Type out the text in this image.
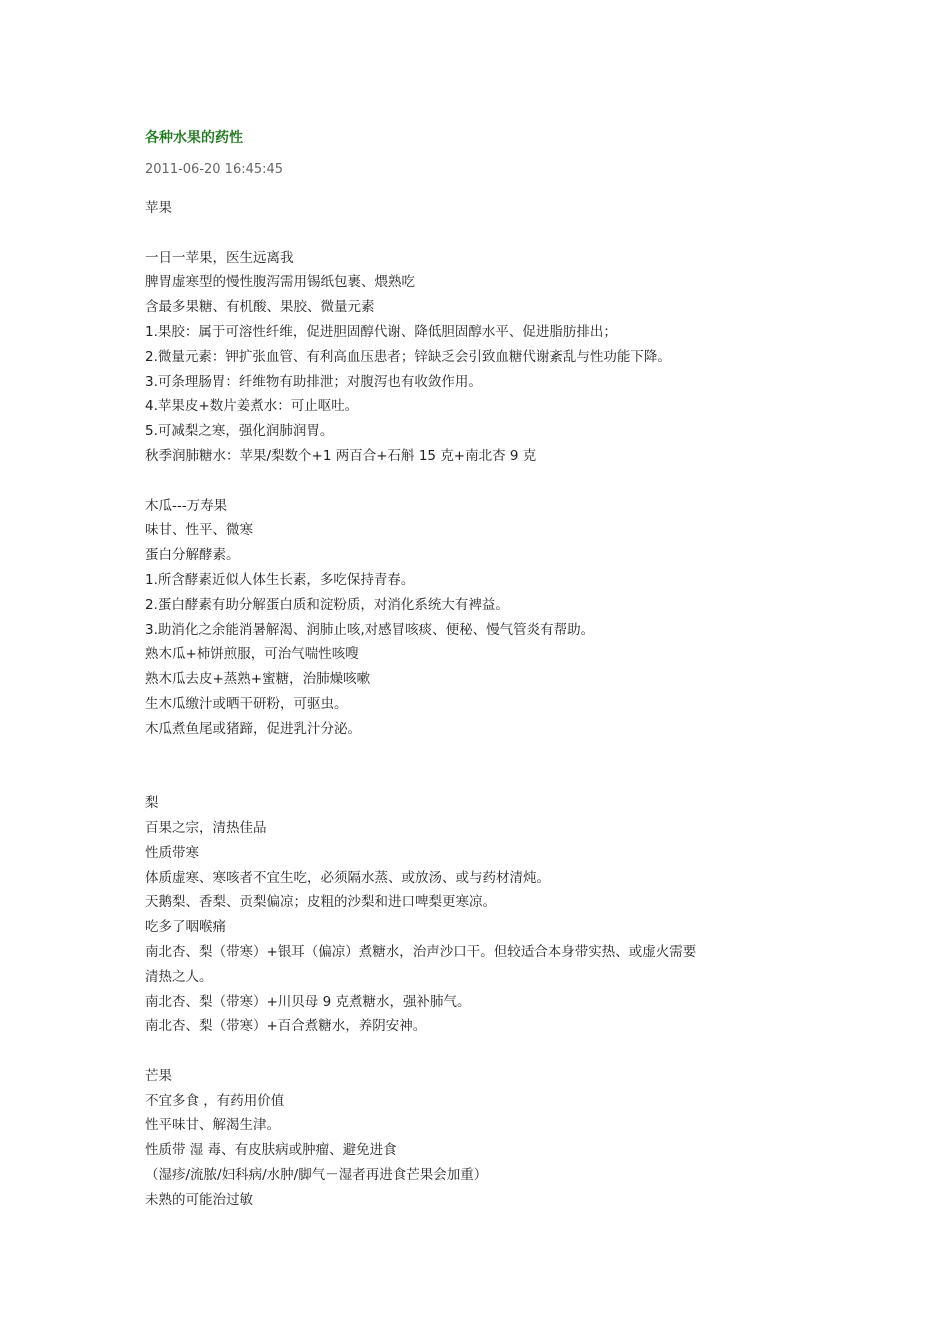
各种水果的药性
2011-06-20 16:45:45
苹果
一日一苹果，医生远离我
脾胃虚寒型的慢性腹泻需用锡纸包裹、煨熟吃
含最多果糖、有机酸、果胶、微量元素
1.果胶：属于可溶性纤维，促进胆固醇代谢、降低胆固醇水平、促进脂肪排出；
2.微量元素：钾扩张血管、有利高血压患者；锌缺乏会引致血糖代谢紊乱与性功能下降。
3.可条理肠胃：纤维物有助排泄；对腹泻也有收敛作用。
4.苹果皮+数片姜煮水：可止呕吐。
5.可减梨之寒，强化润肺润胃。
秋季润肺糖水：苹果/梨数个+1 两百合+石斛 15 克+南北杏 9 克
木瓜---万寿果
味甘、性平、微寒
蛋白分解酵素。
1.所含酵素近似人体生长素，多吃保持青春。
2.蛋白酵素有助分解蛋白质和淀粉质，对消化系统大有裨益。
3.助消化之余能消暑解渴、润肺止咳,对感冒咳痰、便秘、慢气管炎有帮助。
熟木瓜+柿饼煎服，可治气喘性咳嗖
熟木瓜去皮+蒸熟+蜜糖，治肺燥咳嗽
生木瓜缴汁或晒干研粉，可驱虫。
木瓜煮鱼尾或猪蹄，促进乳汁分泌。
梨
百果之宗，清热佳品
性质带寒
体质虚寒、寒咳者不宜生吃，必须隔水蒸、或放汤、或与药材清炖。
天鹅梨、香梨、贡梨偏凉；皮粗的沙梨和进口啤梨更寒凉。
吃多了咽喉痛
南北杏、梨（带寒）+银耳（偏凉）煮糖水，治声沙口干。但较适合本身带实热、或虚火需要
清热之人。
南北杏、梨（带寒）+川贝母 9 克煮糖水，强补肺气。
南北杏、梨（带寒）+百合煮糖水，养阴安神。
芒果
不宜多食 ，有药用价值
性平味甘、解渴生津。
性质带 湿 毒、有皮肤病或肿瘤、避免进食
（湿疹/流脓/妇科病/水肿/脚气－湿者再进食芒果会加重）
未熟的可能治过敏
